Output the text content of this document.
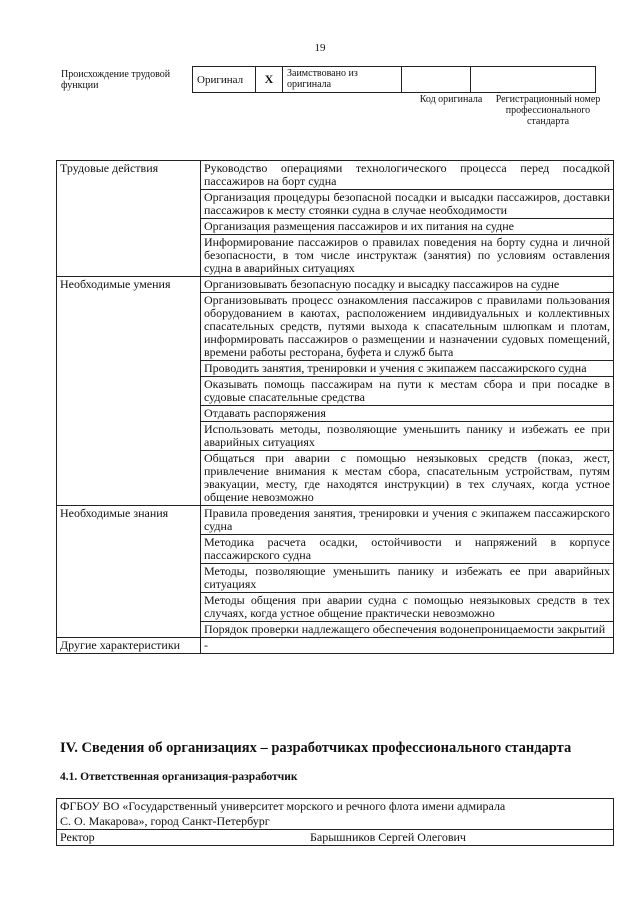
19
Происхождение трудовой функции	Оригинал	X	Заимствовано из оригинала		
Код оригинала	Регистрационный номер профессионального стандарта
Трудовые действия	Руководство операциями технологического процесса перед посадкой пассажиров на борт судна
	Организация процедуры безопасной посадки и высадки пассажиров, доставки пассажиров к месту стоянки судна в случае необходимости
	Организация размещения пассажиров и их питания на судне
	Информирование пассажиров о правилах поведения на борту судна и личной безопасности, в том числе инструктаж (занятия) по условиям оставления судна в аварийных ситуациях
Необходимые умения	Организовывать безопасную посадку и высадку пассажиров на судне
	Организовывать процесс ознакомления пассажиров с правилами пользования оборудованием в каютах, расположением индивидуальных и коллективных спасательных средств, путями выхода к спасательным шлюпкам и плотам, информировать пассажиров о размещении и назначении судовых помещений, времени работы ресторана, буфета и служб быта
	Проводить занятия, тренировки и учения с экипажем пассажирского судна
	Оказывать помощь пассажирам на пути к местам сбора и при посадке в судовые спасательные средства
	Отдавать распоряжения
	Использовать методы, позволяющие уменьшить панику и избежать ее при аварийных ситуациях
	Общаться при аварии с помощью неязыковых средств (показ, жест, привлечение внимания к местам сбора, спасательным устройствам, путям эвакуации, месту, где находятся инструкции) в тех случаях, когда устное общение невозможно
Необходимые знания	Правила проведения занятия, тренировки и учения с экипажем пассажирского судна
	Методика расчета осадки, остойчивости и напряжений в корпусе пассажирского судна
	Методы, позволяющие уменьшить панику и избежать ее при аварийных ситуациях
	Методы общения при аварии судна с помощью неязыковых средств в тех случаях, когда устное общение практически невозможно
	Порядок проверки надлежащего обеспечения водонепроницаемости закрытий
Другие характеристики	-
IV. Сведения об организациях – разработчиках профессионального стандарта
4.1. Ответственная организация-разработчик
ФГБОУ ВО «Государственный университет морского и речного флота имени адмирала
С. О. Макарова», город Санкт-Петербург

Ректор	Барышников Сергей Олегович
